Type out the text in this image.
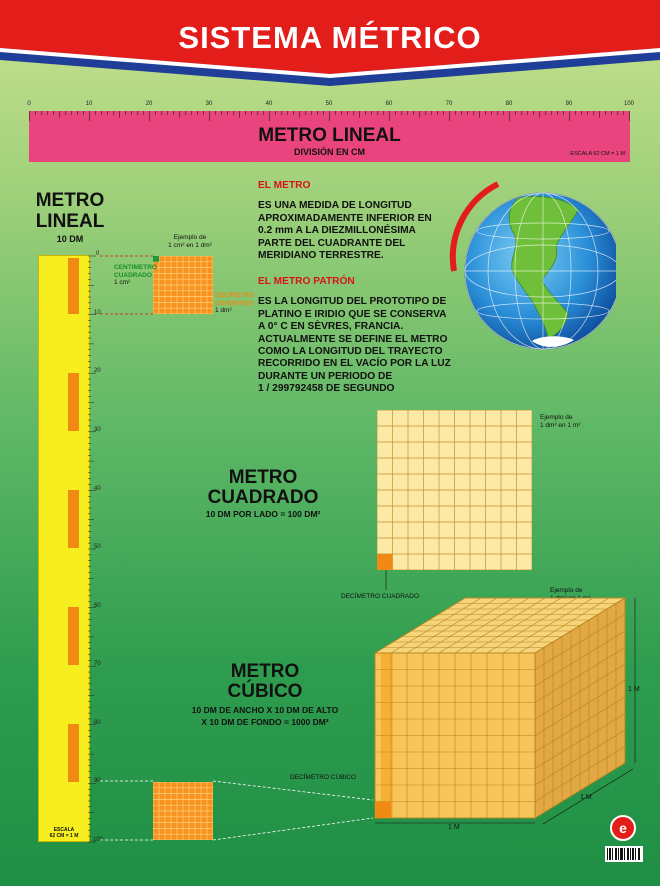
SISTEMA MÉTRICO
0	10	20	30	40	50	60	70	80	90	100
METRO LINEAL
DIVISIÓN EN CM	ESCALA 62 CM = 1 M
METRO
LINEAL
10 DM
ESCALA
62 CM = 1 M
0
10
20
30
40
50
60
70
80
90
100
Ejemplo de
1 cm² en 1 dm²
CENTIMETRO
CUADRADO
1 cm²
DECÍMETRO
CUADRADO
1 dm²
EL METRO
ES UNA MEDIDA DE LONGITUD
APROXIMADAMENTE INFERIOR EN
0.2 mm A LA DIEZMILLONÉSIMA
PARTE DEL CUADRANTE DEL
MERIDIANO TERRESTRE.
EL METRO PATRÓN
ES LA LONGITUD DEL PROTOTIPO DE
PLATINO E IRIDIO QUE SE CONSERVA
A 0° C EN SÈVRES, FRANCIA.
ACTUALMENTE SE DEFINE EL METRO
COMO LA LONGITUD DEL TRAYECTO
RECORRIDO EN EL VACÍO POR LA LUZ
DURANTE UN PERIODO DE
1 / 299792458 DE SEGUNDO
METRO
CUADRADO
10 DM POR LADO = 100 DM²
Ejemplo de
1 dm² en 1 m²
DECÍMETRO CUADRADO
METRO
CÚBICO
10 DM DE ANCHO X 10 DM DE ALTO
X 10 DM DE FONDO = 1000 DM³
Ejemplo de
DECÍMETRO CÚBICO
1 M
1 M
1 M	e
